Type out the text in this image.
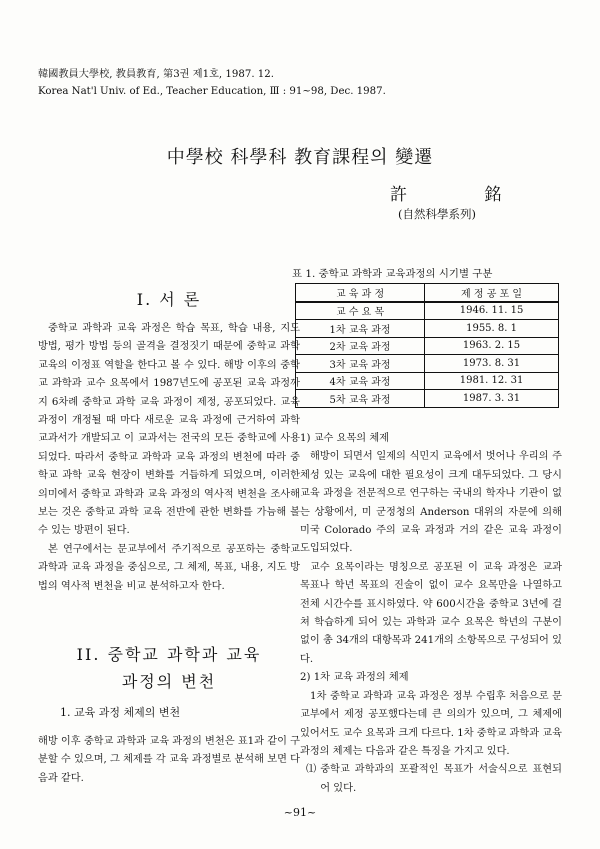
韓國教員大學校, 教員教育, 第3권 제1호, 1987. 12.
Korea Nat'l Univ. of Ed., Teacher Education, Ⅲ : 91~98, Dec. 1987.
中學校 科學科 教育課程의 變遷
許 銘
(自然科學系列)
I. 서 론

중학교 과학과 교육 과정은 학습 목표, 학습 내용, 지도 방법, 평가 방법 등의 골격을 결정짓기 때문에 중학교 과학 교육의 이정표 역할을 한다고 볼 수 있다. 해방 이후의 중학교 과학과 교수 요목에서 1987년도에 공포된 교육 과정까지 6차례 중학교 과학 교육 과정이 제정, 공포되었다. 교육 과정이 개정될 때 마다 새로운 교육 과정에 근거하여 과학 교과서가 개발되고 이 교과서는 전국의 모든 중학교에 사용되었다. 따라서 중학교 과학과 교육 과정의 변천에 따라 중학교 과학 교육 현장이 변화를 거듭하게 되었으며, 이러한 의미에서 중학교 과학과 교육 과정의 역사적 변천을 조사해 보는 것은 중학교 과학 교육 전반에 관한 변화를 가늠해 볼 수 있는 방편이 된다.

본 연구에서는 문교부에서 주기적으로 공포하는 중학교 과학과 교육 과정을 중심으로, 그 체제, 목표, 내용, 지도 방법의 역사적 변천을 비교 분석하고자 한다.

II. 중학교 과학과 교육
과정의 변천
1. 교육 과정 체제의 변천

해방 이후 중학교 과학과 교육 과정의 변천은 표1과 같이 구분할 수 있으며, 그 체제를 각 교육 과정별로 분석해 보면 다음과 같다.

표 1. 중학교 과학과 교육과정의 시기별 구분
교 육 과 정	제 정 공 포 일
교 수 요 목	1946. 11. 15
1차 교육 과정	1955. 8. 1
2차 교육 과정	1963. 2. 15
3차 교육 과정	1973. 8. 31
4차 교육 과정	1981. 12. 31
5차 교육 과정	1987. 3. 31

1) 교수 요목의 체제

해방이 되면서 일제의 식민지 교육에서 벗어나 우리의 주체성 있는 교육에 대한 필요성이 크게 대두되었다. 그 당시 교육 과정을 전문적으로 연구하는 국내의 학자나 기관이 없는 상황에서, 미 군정청의 Anderson 대위의 자문에 의해 미국 Colorado 주의 교육 과정과 거의 같은 교육 과정이 도입되었다.

교수 요목이라는 명칭으로 공포된 이 교육 과정은 교과 목표나 학년 목표의 진술이 없이 교수 요목만을 나열하고 전체 시간수를 표시하였다. 약 600시간을 중학교 3년에 걸쳐 학습하게 되어 있는 과학과 교수 요목은 학년의 구분이 없이 총 34개의 대항목과 241개의 소항목으로 구성되어 있다.

2) 1차 교육 과정의 체제

1차 중학교 과학과 교육 과정은 정부 수립후 처음으로 문교부에서 제정 공포했다는데 큰 의의가 있으며, 그 체제에 있어서도 교수 요목과 크게 다르다. 1차 중학교 과학과 교육 과정의 체제는 다음과 같은 특징을 가지고 있다.

⑴ 중학교 과학과의 포괄적인 목표가 서술식으로 표현되어 있다.
~91~
